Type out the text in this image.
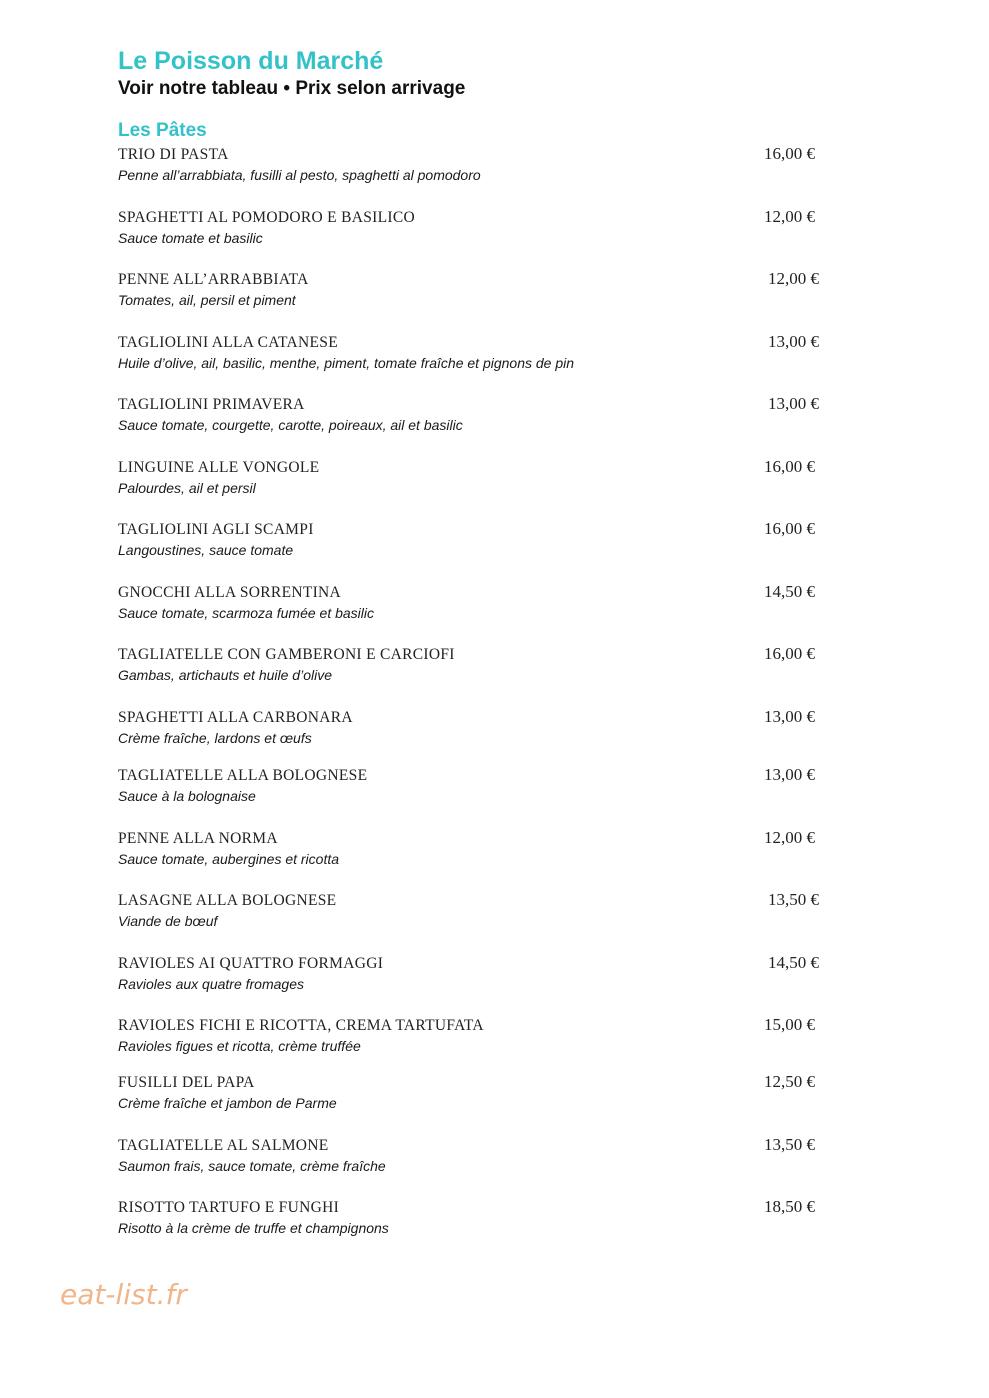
Le Poisson du Marché
Voir notre tableau • Prix selon arrivage
Les Pâtes
TRIO DI PASTA
Penne all’arrabbiata, fusilli al pesto, spaghetti al pomodoro
16,00 €
SPAGHETTI AL POMODORO E BASILICO
Sauce tomate et basilic
12,00 €
PENNE ALL’ARRABBIATA
Tomates, ail, persil et piment
12,00 €
TAGLIOLINI ALLA CATANESE
Huile d’olive, ail, basilic, menthe, piment, tomate fraîche et pignons de pin
13,00 €
TAGLIOLINI PRIMAVERA
Sauce tomate, courgette, carotte, poireaux, ail et basilic
13,00 €
LINGUINE ALLE VONGOLE
Palourdes, ail et persil
16,00 €
TAGLIOLINI AGLI SCAMPI
Langoustines, sauce tomate
16,00 €
GNOCCHI ALLA SORRENTINA
Sauce tomate, scarmoza fumée et basilic
14,50 €
TAGLIATELLE CON GAMBERONI E CARCIOFI
Gambas, artichauts et huile d’olive
16,00 €
SPAGHETTI ALLA CARBONARA
Crème fraîche, lardons et œufs
13,00 €
TAGLIATELLE ALLA BOLOGNESE
Sauce à la bolognaise
13,00 €
PENNE ALLA NORMA
Sauce tomate, aubergines et ricotta
12,00 €
LASAGNE ALLA BOLOGNESE
Viande de bœuf
13,50 €
RAVIOLES AI QUATTRO FORMAGGI
Ravioles aux quatre fromages
14,50 €
RAVIOLES FICHI E RICOTTA, CREMA TARTUFATA
Ravioles figues et ricotta, crème truffée
15,00 €
FUSILLI DEL PAPA
Crème fraîche et jambon de Parme
12,50 €
TAGLIATELLE AL SALMONE
Saumon frais, sauce tomate, crème fraîche
13,50 €
RISOTTO TARTUFO E FUNGHI
Risotto à la crème de truffe et champignons
18,50 €
eat-list.fr
